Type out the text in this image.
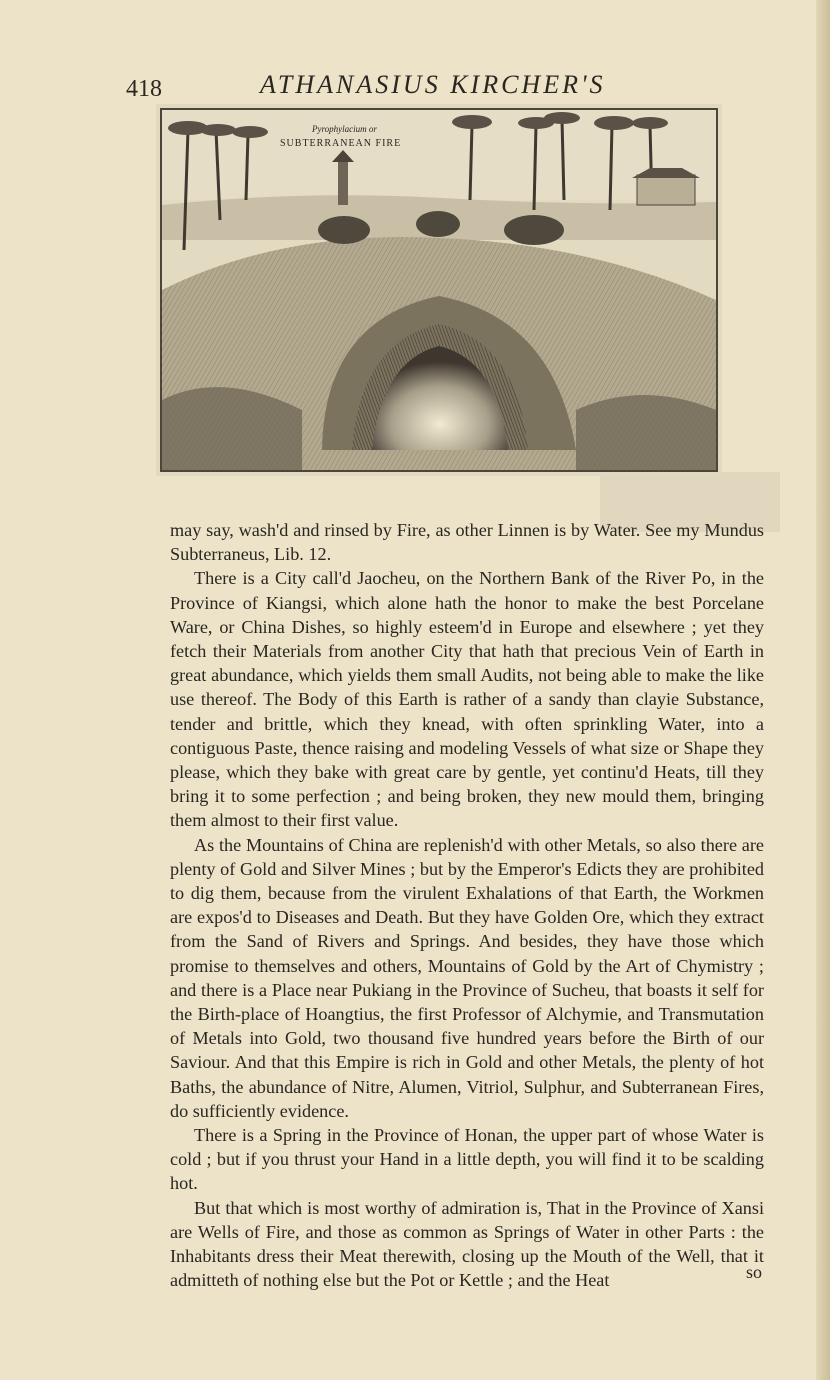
418	ATHANASIUS KIRCHER'S
Pyrophylacium or
SUBTERRANEAN FIRE

may say, wash'd and rinsed by Fire, as other Linnen is by Water. See my Mundus Subterraneus, Lib. 12.

There is a City call'd Jaocheu, on the Northern Bank of the River Po, in the Province of Kiangsi, which alone hath the honor to make the best Porcelane Ware, or China Dishes, so highly esteem'd in Europe and elsewhere ; yet they fetch their Materials from another City that hath that precious Vein of Earth in great abundance, which yields them small Audits, not being able to make the like use thereof. The Body of this Earth is rather of a sandy than clayie Substance, tender and brittle, which they knead, with often sprinkling Water, into a contiguous Paste, thence raising and modeling Vessels of what size or Shape they please, which they bake with great care by gentle, yet continu'd Heats, till they bring it to some perfection ; and being broken, they new mould them, bringing them almost to their first value.

As the Mountains of China are replenish'd with other Metals, so also there are plenty of Gold and Silver Mines ; but by the Emperor's Edicts they are prohibited to dig them, because from the virulent Exhalations of that Earth, the Workmen are expos'd to Diseases and Death. But they have Golden Ore, which they extract from the Sand of Rivers and Springs. And besides, they have those which promise to themselves and others, Mountains of Gold by the Art of Chymistry ; and there is a Place near Pukiang in the Province of Sucheu, that boasts it self for the Birth-place of Hoangtius, the first Professor of Alchymie, and Transmutation of Metals into Gold, two thousand five hundred years before the Birth of our Saviour. And that this Empire is rich in Gold and other Metals, the plenty of hot Baths, the abundance of Nitre, Alumen, Vitriol, Sulphur, and Subterranean Fires, do sufficiently evidence.

There is a Spring in the Province of Honan, the upper part of whose Water is cold ; but if you thrust your Hand in a little depth, you will find it to be scalding hot.

But that which is most worthy of admiration is, That in the Province of Xansi are Wells of Fire, and those as common as Springs of Water in other Parts : the Inhabitants dress their Meat therewith, closing up the Mouth of the Well, that it admitteth of nothing else but the Pot or Kettle ; and the Heat	so
